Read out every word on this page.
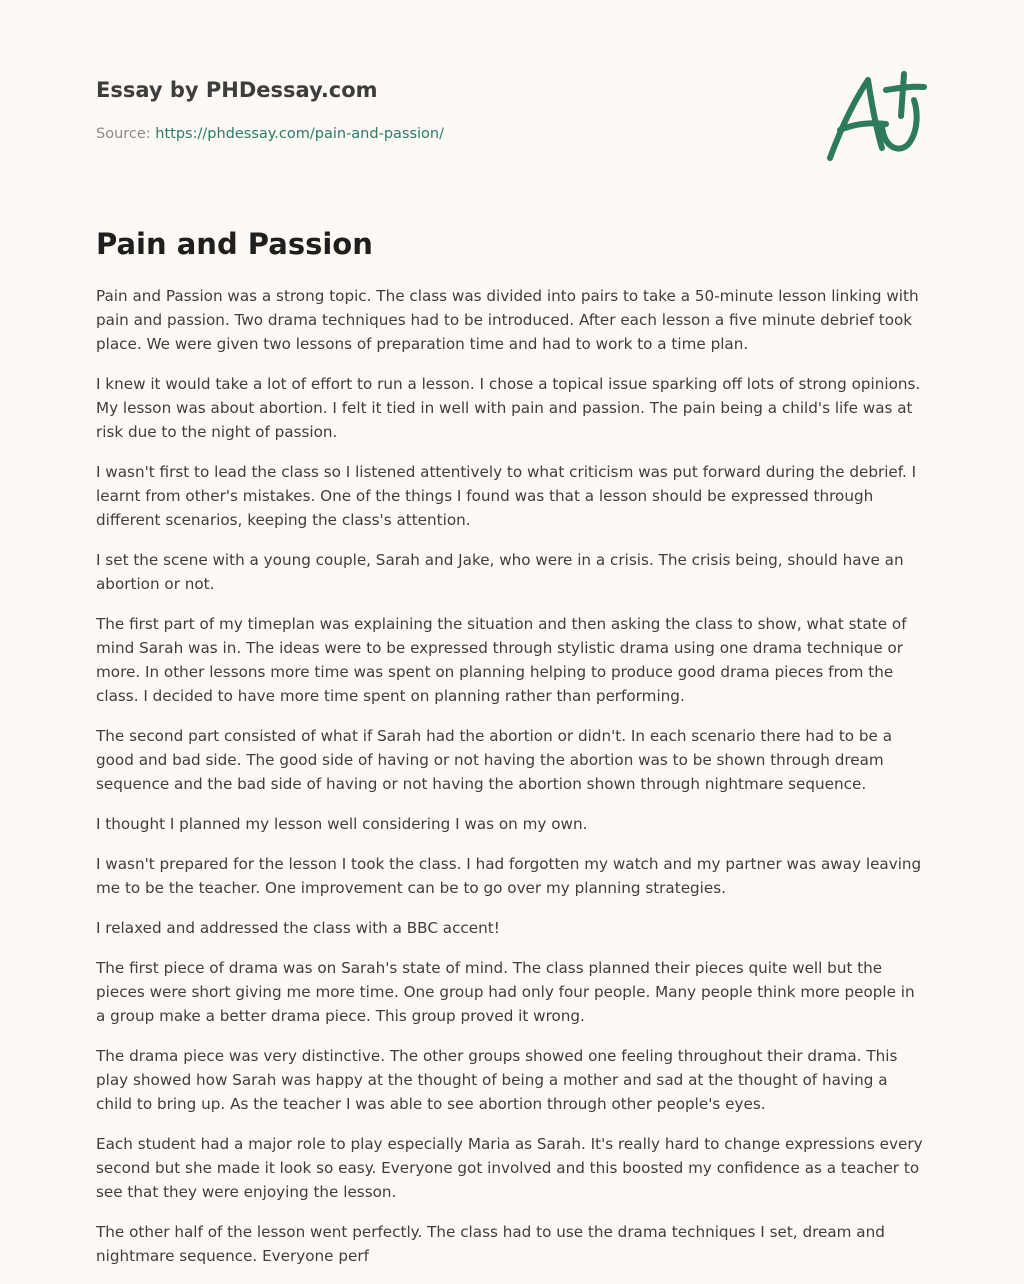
Essay by PHDessay.com
Source: https://phdessay.com/pain-and-passion/
Pain and Passion

Pain and Passion was a strong topic. The class was divided into pairs to take a 50-minute lesson linking with pain and passion. Two drama techniques had to be introduced. After each lesson a five minute debrief took place. We were given two lessons of preparation time and had to work to a time plan.

I knew it would take a lot of effort to run a lesson. I chose a topical issue sparking off lots of strong opinions. My lesson was about abortion. I felt it tied in well with pain and passion. The pain being a child's life was at risk due to the night of passion.

I wasn't first to lead the class so I listened attentively to what criticism was put forward during the debrief. I learnt from other's mistakes. One of the things I found was that a lesson should be expressed through different scenarios, keeping the class's attention.

I set the scene with a young couple, Sarah and Jake, who were in a crisis. The crisis being, should have an abortion or not.

The first part of my timeplan was explaining the situation and then asking the class to show, what state of mind Sarah was in. The ideas were to be expressed through stylistic drama using one drama technique or more. In other lessons more time was spent on planning helping to produce good drama pieces from the class. I decided to have more time spent on planning rather than performing.

The second part consisted of what if Sarah had the abortion or didn't. In each scenario there had to be a good and bad side. The good side of having or not having the abortion was to be shown through dream sequence and the bad side of having or not having the abortion shown through nightmare sequence.

I thought I planned my lesson well considering I was on my own.

I wasn't prepared for the lesson I took the class. I had forgotten my watch and my partner was away leaving me to be the teacher. One improvement can be to go over my planning strategies.

I relaxed and addressed the class with a BBC accent!

The first piece of drama was on Sarah's state of mind. The class planned their pieces quite well but the pieces were short giving me more time. One group had only four people. Many people think more people in a group make a better drama piece. This group proved it wrong.

The drama piece was very distinctive. The other groups showed one feeling throughout their drama. This play showed how Sarah was happy at the thought of being a mother and sad at the thought of having a child to bring up. As the teacher I was able to see abortion through other people's eyes.

Each student had a major role to play especially Maria as Sarah. It's really hard to change expressions every second but she made it look so easy. Everyone got involved and this boosted my confidence as a teacher to see that they were enjoying the lesson.

The other half of the lesson went perfectly. The class had to use the drama techniques I set, dream and nightmare sequence. Everyone perf
